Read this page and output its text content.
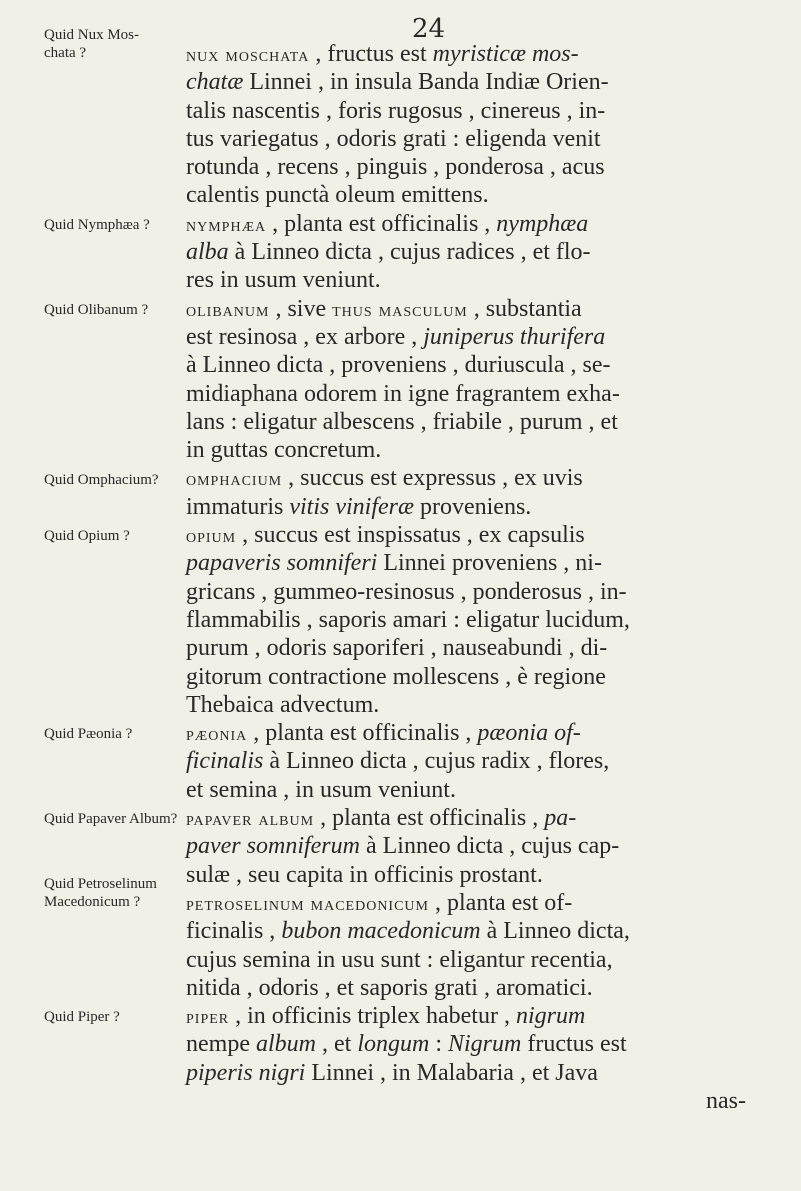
24
Quid Nux Mos-
chata ?
Quid Nymphæa ?
Quid Olibanum ?
Quid Omphacium?
Quid Opium ?
Quid Pæonia ?
Quid Papaver Album?
Quid Petroselinum
Macedonicum ?
Quid Piper ?
nux moschata , fructus est myristicæ mos-
chatæ Linnei , in insula Banda Indiæ Orien-
talis nascentis , foris rugosus , cinereus , in-
tus variegatus , odoris grati : eligenda venit
rotunda , recens , pinguis , ponderosa , acus
calentis punctà oleum emittens.
nymphæa , planta est officinalis , nymphæa
alba à Linneo dicta , cujus radices , et flo-
res in usum veniunt.
olibanum , sive thus masculum , substantia
est resinosa , ex arbore , juniperus thurifera
à Linneo dicta , proveniens , duriuscula , se-
midiaphana odorem in igne fragrantem exha-
lans : eligatur albescens , friabile , purum , et
in guttas concretum.
omphacium , succus est expressus , ex uvis
immaturis vitis viniferæ proveniens.
opium , succus est inspissatus , ex capsulis
papaveris somniferi Linnei proveniens , ni-
gricans , gummeo-resinosus , ponderosus , in-
flammabilis , saporis amari : eligatur lucidum,
purum , odoris saporiferi , nauseabundi , di-
gitorum contractione mollescens , è regione
Thebaica advectum.
pæonia , planta est officinalis , pæonia of-
ficinalis à Linneo dicta , cujus radix , flores,
et semina , in usum veniunt.
papaver album , planta est officinalis , pa-
paver somniferum à Linneo dicta , cujus cap-
sulæ , seu capita in officinis prostant.
petroselinum macedonicum , planta est of-
ficinalis , bubon macedonicum à Linneo dicta,
cujus semina in usu sunt : eligantur recentia,
nitida , odoris , et saporis grati , aromatici.
piper , in officinis triplex habetur , nigrum
nempe album , et longum : Nigrum fructus est
piperis nigri Linnei , in Malabaria , et Java
nas-
